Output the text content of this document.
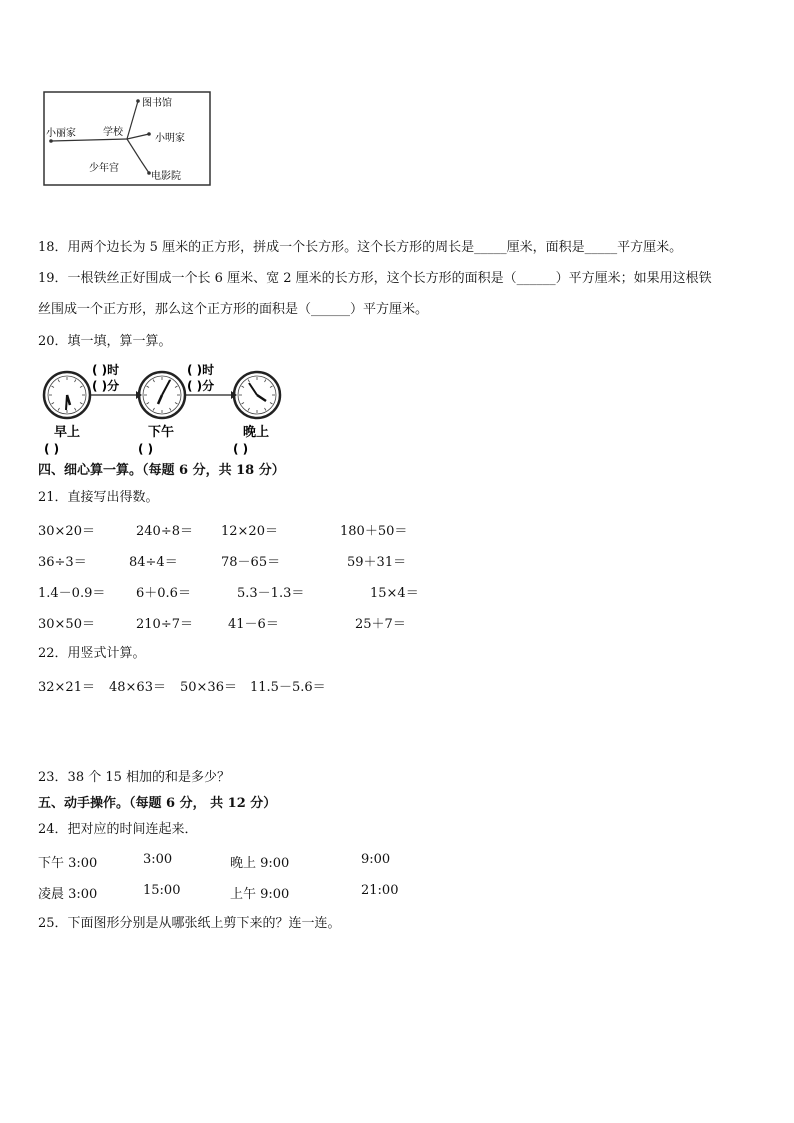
图书馆
小丽家	学校
小明家
少年宫
电影院
18．用两个边长为 5 厘米的正方形，拼成一个长方形。这个长方形的周长是_____厘米，面积是_____平方厘米。
19．一根铁丝正好围成一个长 6 厘米、宽 2 厘米的长方形，这个长方形的面积是（______）平方厘米；如果用这根铁
丝围成一个正方形，那么这个正方形的面积是（______）平方厘米。
20．填一填，算一算。
( )时
( )分
( )时
( )分
早上	下午	晚上
( )	( )	( )
四、细心算一算。（每题 6 分，共 18 分）
21．直接写出得数。
30×20＝	240÷8＝ 12×20＝	180＋50＝
36÷3＝	84÷4＝	78－65＝	59＋31＝
1.4－0.9＝ 6＋0.6＝	5.3－1.3＝	15×4＝
30×50＝	210÷7＝	41－6＝	25＋7＝
22．用竖式计算。
32×21＝ 48×63＝ 50×36＝ 11.5－5.6＝
23．38 个 15 相加的和是多少？
五、动手操作。（每题 6 分， 共 12 分）
24．把对应的时间连起来．
下午 3:00	3:00	晚上 9:00	9:00
凌晨 3:00	15:00	上午 9:00	21:00
25．下面图形分别是从哪张纸上剪下来的？连一连。
